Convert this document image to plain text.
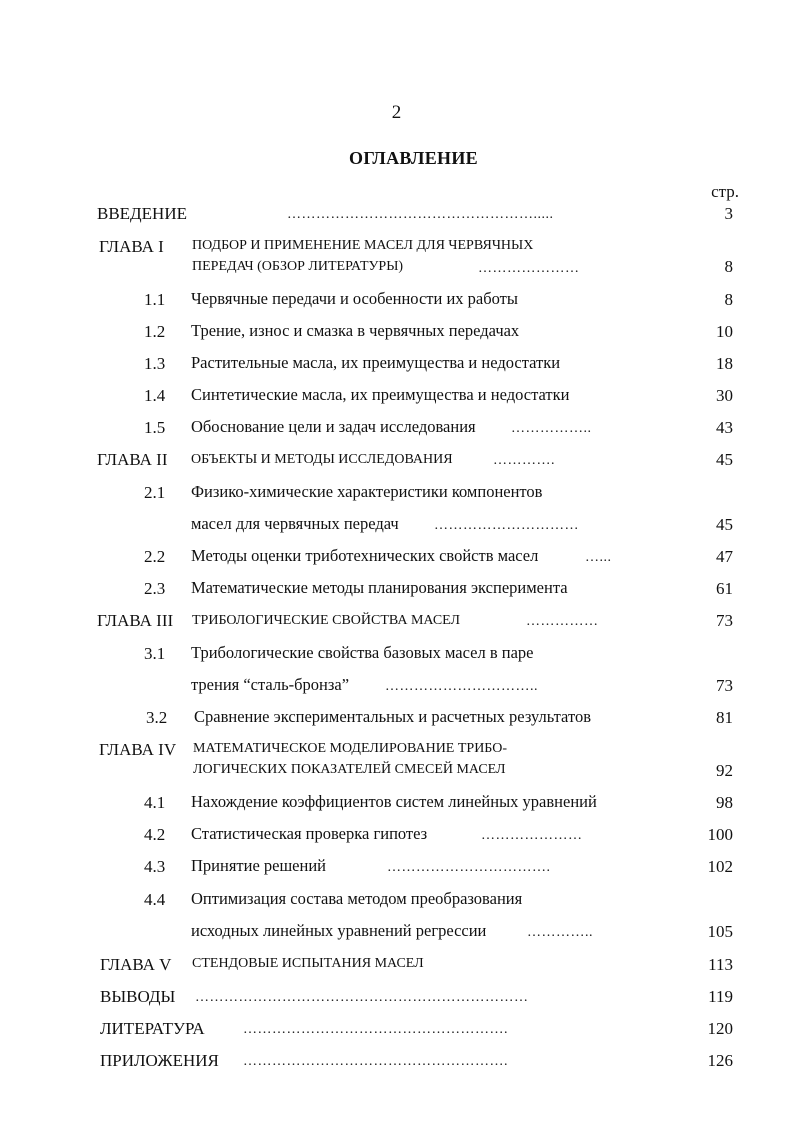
2
ОГЛАВЛЕНИЕ
стр.
ВВЕДЕНИЕ	…………………………………………….....	3
ГЛАВА I ПОДБОР И ПРИМЕНЕНИЕ МАСЕЛ ДЛЯ ЧЕРВЯЧНЫХ
ПЕРЕДАЧ (ОБЗОР ЛИТЕРАТУРЫ)	…………………	8
1.1 Червячные передачи и особенности их работы	8
1.2 Трение, износ и смазка в червячных передачах	10
1.3 Растительные масла, их преимущества и недостатки	18
1.4 Синтетические масла, их преимущества и недостатки	30
1.5 Обоснование цели и задач исследования	……………..	43
ГЛАВА II ОБЪЕКТЫ И МЕТОДЫ ИССЛЕДОВАНИЯ	………….	45
2.1 Физико-химические характеристики компонентов
масел для червячных передач	…………………………	45
2.2 Методы оценки триботехнических свойств масел	…...	47
2.3 Математические методы планирования эксперимента	61
ГЛАВА III ТРИБОЛОГИЧЕСКИЕ СВОЙСТВА МАСЕЛ	……………	73
3.1 Трибологические свойства базовых масел в паре
трения “сталь-бронза”	…………………………..	73
3.2 Сравнение экспериментальных и расчетных результатов	81
ГЛАВА IV МАТЕМАТИЧЕСКОЕ МОДЕЛИРОВАНИЕ ТРИБО-
ЛОГИЧЕСКИХ ПОКАЗАТЕЛЕЙ СМЕСЕЙ МАСЕЛ	92
4.1 Нахождение коэффициентов систем линейных уравнений	98
4.2 Статистическая проверка гипотез	…………………	100
4.3 Принятие решений	…………………………….	102
4.4 Оптимизация состава методом преобразования
исходных линейных уравнений регрессии	…………..	105
ГЛАВА V СТЕНДОВЫЕ ИСПЫТАНИЯ МАСЕЛ	113
ВЫВОДЫ ……………………………………………………………	119
ЛИТЕРАТУРА	……………………………………………….	120
ПРИЛОЖЕНИЯ ……………………………………………….	126
